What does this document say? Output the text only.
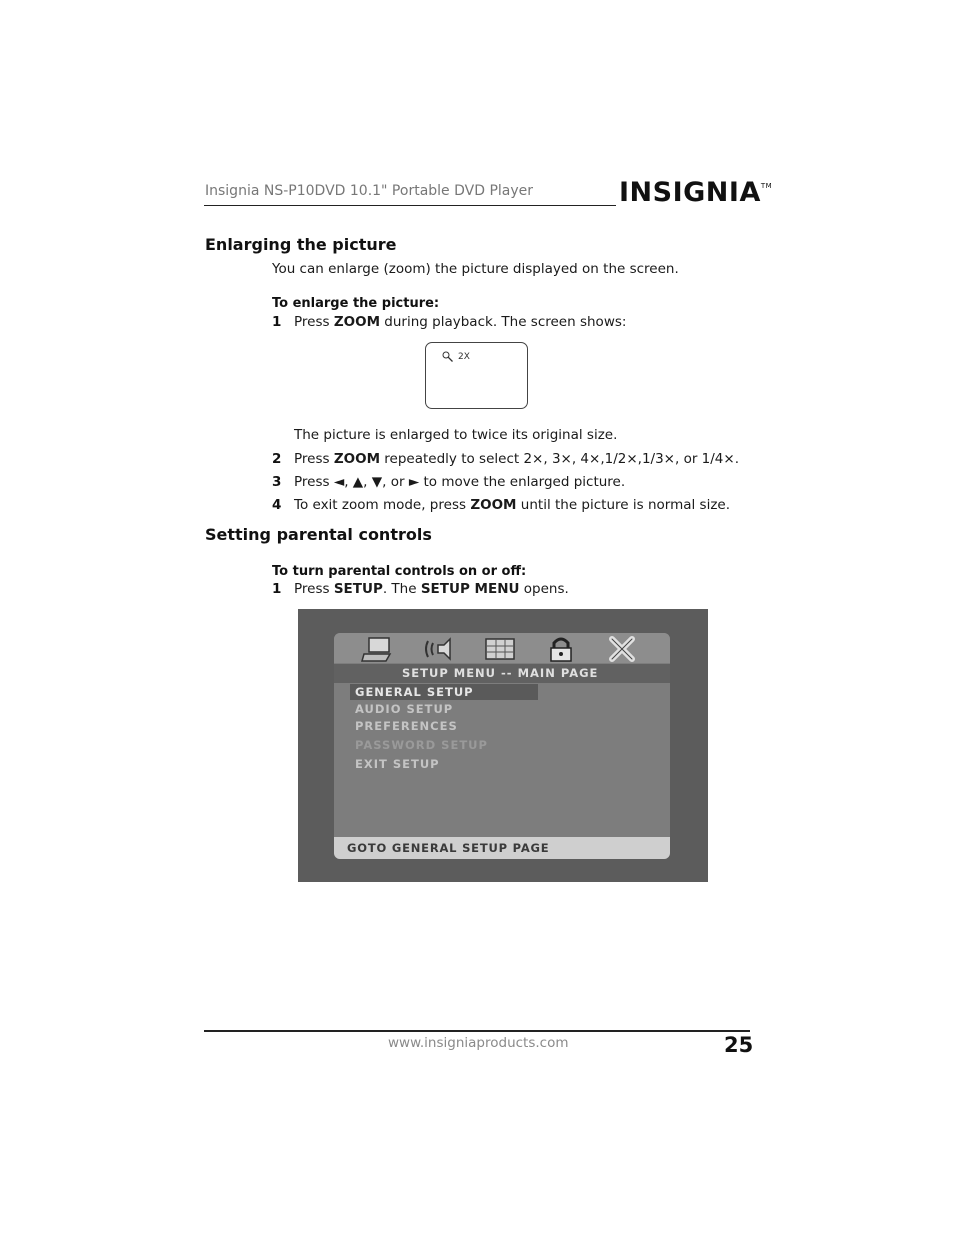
Insignia NS-P10DVD 10.1" Portable DVD Player	INSIGNIA™
Enlarging the picture
You can enlarge (zoom) the picture displayed on the screen.
To enlarge the picture:
1 Press ZOOM during playback. The screen shows:
2X
The picture is enlarged to twice its original size.
2 Press ZOOM repeatedly to select 2×, 3×, 4×,1/2×,1/3×, or 1/4×.
3 Press ◄, ▲, ▼, or ► to move the enlarged picture.
4 To exit zoom mode, press ZOOM until the picture is normal size.
Setting parental controls
To turn parental controls on or off:
1 Press SETUP. The SETUP MENU opens.
SETUP MENU -- MAIN PAGE
GENERAL SETUP
AUDIO SETUP
PREFERENCES
PASSWORD SETUP
EXIT SETUP
GOTO GENERAL SETUP PAGE
www.insigniaproducts.com	25
